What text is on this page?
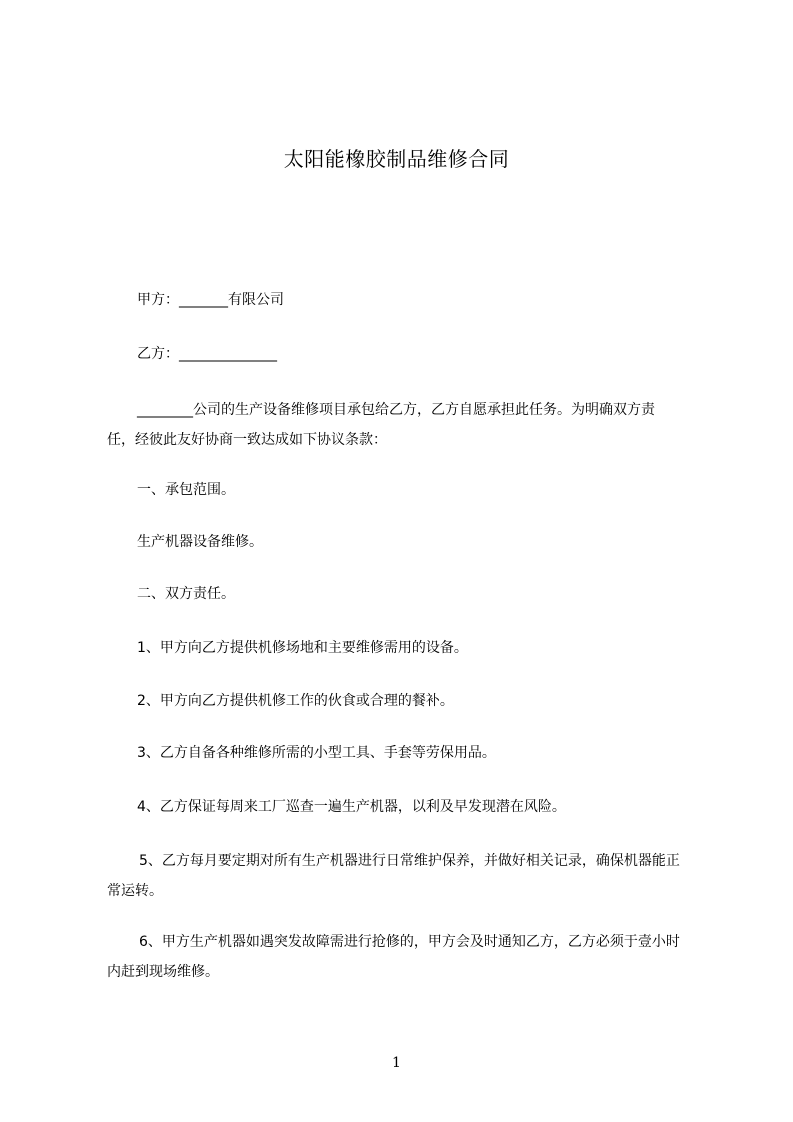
太阳能橡胶制品维修合同
甲方：_______有限公司
乙方：______________
________公司的生产设备维修项目承包给乙方，乙方自愿承担此任务。为明确双方责任，经彼此友好协商一致达成如下协议条款：
一、承包范围。
生产机器设备维修。
二、双方责任。
1、甲方向乙方提供机修场地和主要维修需用的设备。
2、甲方向乙方提供机修工作的伙食或合理的餐补。
3、乙方自备各种维修所需的小型工具、手套等劳保用品。
4、乙方保证每周来工厂巡查一遍生产机器，以利及早发现潜在风险。
5、乙方每月要定期对所有生产机器进行日常维护保养，并做好相关记录，确保机器能正常运转。
6、甲方生产机器如遇突发故障需进行抢修的，甲方会及时通知乙方，乙方必须于壹小时内赶到现场维修。
1
